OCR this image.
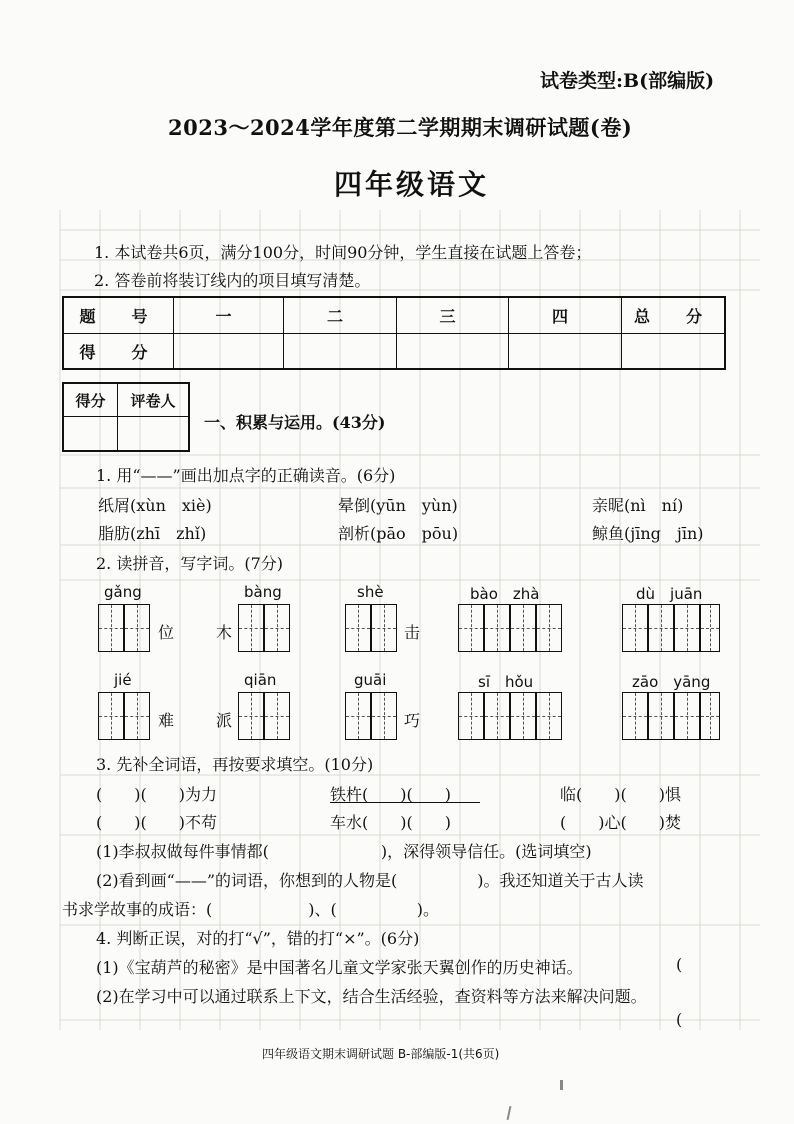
试卷类型:B(部编版)
2023～2024学年度第二学期期末调研试题(卷)
四年级语文
1. 本试卷共6页，满分100分，时间90分钟，学生直接在试题上答卷；
2. 答卷前将装订线内的项目填写清楚。
题　号	一	二	三	四	总　分
得　分
得分	评卷人
一、积累与运用。(43分)
1. 用“——”画出加点字的正确读音。(6分)
纸屑(xùn　xiè)	晕倒(yūn　yùn)	亲昵(nì　ní)
脂肪(zhī　zhǐ)	剖析(pāo　pōu)	鲸鱼(jīng　jīn)
2. 读拼音，写字词。(7分)
gǎng	bàng	shè	bào　zhà	dù　juān
位	木	击
jié	qiān	guāi	sī　hǒu	zāo　yāng
难	派	巧
3. 先补全词语，再按要求填空。(10分)
(　　)(　　)为力	铁杵(　　)(　　)	临(　　)(　　)惧
(　　)(　　)不苟	车水(　　)(　　)	(　　)心(　　)焚
(1)李叔叔做每件事情都(　　　　　　　)，深得领导信任。(选词填空)
(2)看到画“——”的词语，你想到的人物是(　　　　　)。我还知道关于古人读
书求学故事的成语：(　　　　　　)、(　　　　　)。
4. 判断正误，对的打“√”，错的打“×”。(6分)
(1)《宝葫芦的秘密》是中国著名儿童文学家张天翼创作的历史神话。	(
(2)在学习中可以通过联系上下文，结合生活经验，查资料等方法来解决问题。
(
四年级语文期末调研试题 B-部编版-1(共6页)
